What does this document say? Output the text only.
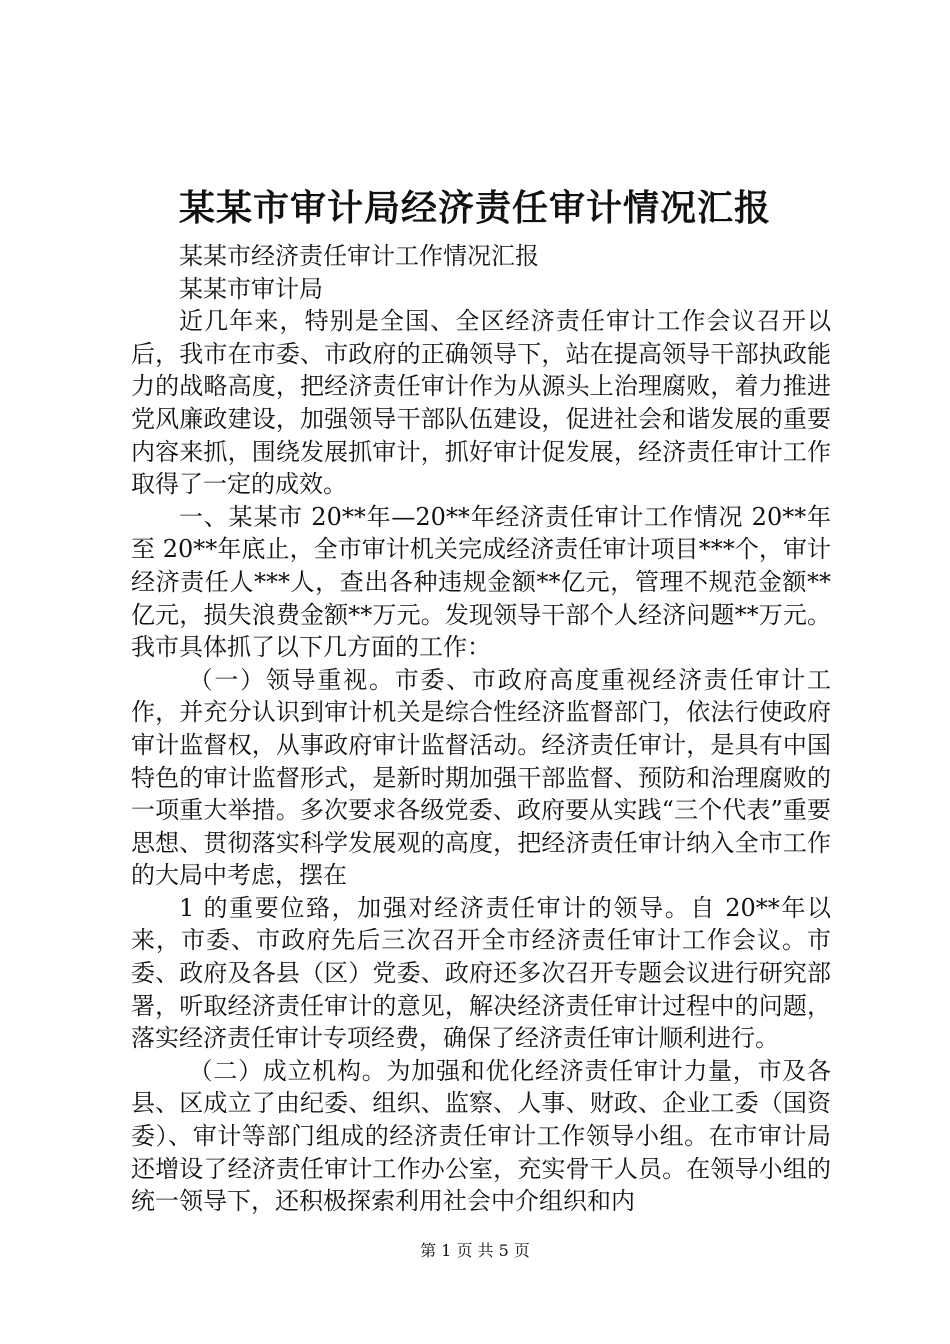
某某市审计局经济责任审计情况汇报

某某市经济责任审计工作情况汇报

某某市审计局

近几年来，特别是全国、全区经济责任审计工作会议召开以后，我市在市委、市政府的正确领导下，站在提高领导干部执政能力的战略高度，把经济责任审计作为从源头上治理腐败，着力推进党风廉政建设，加强领导干部队伍建设，促进社会和谐发展的重要内容来抓，围绕发展抓审计，抓好审计促发展，经济责任审计工作取得了一定的成效。

一、某某市 20**年—20**年经济责任审计工作情况 20**年至 20**年底止，全市审计机关完成经济责任审计项目***个，审计经济责任人***人，查出各种违规金额**亿元，管理不规范金额**亿元，损失浪费金额**万元。发现领导干部个人经济问题**万元。我市具体抓了以下几方面的工作：

（一）领导重视。市委、市政府高度重视经济责任审计工作，并充分认识到审计机关是综合性经济监督部门，依法行使政府审计监督权，从事政府审计监督活动。经济责任审计，是具有中国特色的审计监督形式，是新时期加强干部监督、预防和治理腐败的一项重大举措。多次要求各级党委、政府要从实践“三个代表”重要思想、贯彻落实科学发展观的高度，把经济责任审计纳入全市工作的大局中考虑，摆在

1 的重要位臵，加强对经济责任审计的领导。自 20**年以来，市委、市政府先后三次召开全市经济责任审计工作会议。市委、政府及各县（区）党委、政府还多次召开专题会议进行研究部署，听取经济责任审计的意见，解决经济责任审计过程中的问题，落实经济责任审计专项经费，确保了经济责任审计顺利进行。

（二）成立机构。为加强和优化经济责任审计力量，市及各县、区成立了由纪委、组织、监察、人事、财政、企业工委（国资委）、审计等部门组成的经济责任审计工作领导小组。在市审计局还增设了经济责任审计工作办公室，充实骨干人员。在领导小组的统一领导下，还积极探索利用社会中介组织和内

第 1 页 共 5 页
